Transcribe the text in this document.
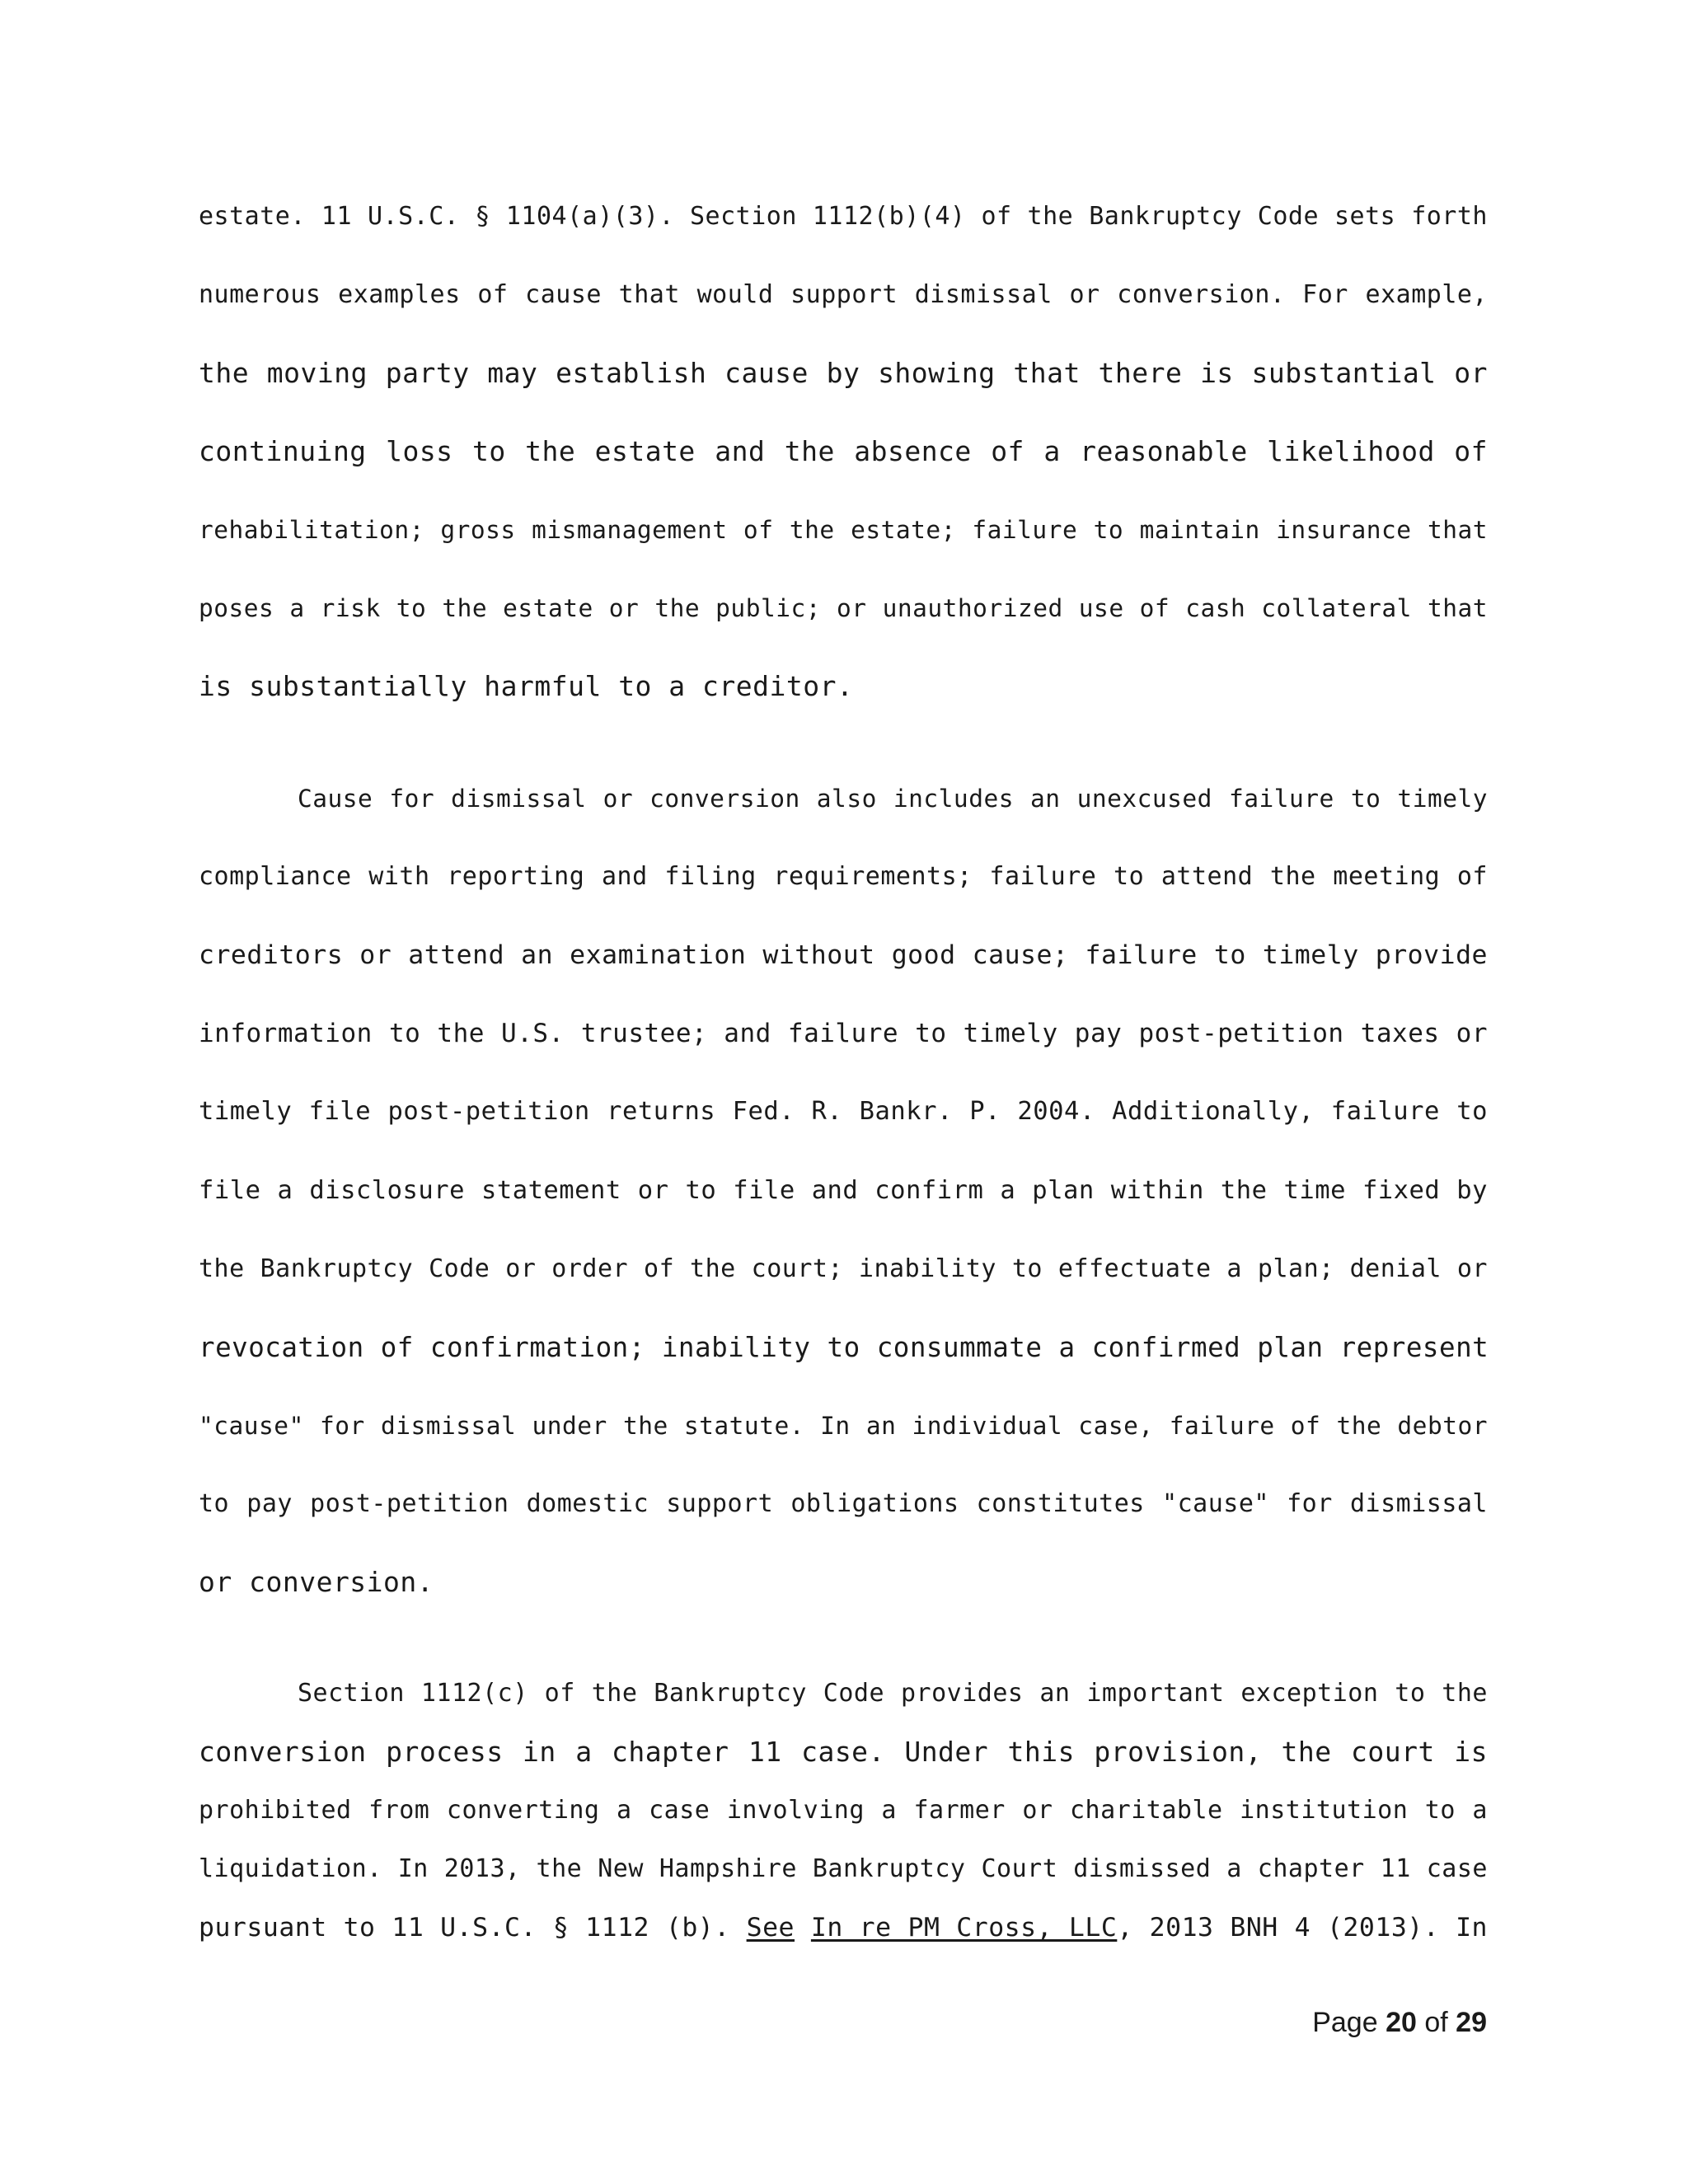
estate. 11 U.S.C. § 1104(a)(3). Section 1112(b)(4) of the Bankruptcy Code sets forth
numerous examples of cause that would support dismissal or conversion. For example,
the moving party may establish cause by showing that there is substantial or
continuing loss to the estate and the absence of a reasonable likelihood of
rehabilitation; gross mismanagement of the estate; failure to maintain insurance that
poses a risk to the estate or the public; or unauthorized use of cash collateral that
is substantially harmful to a creditor.
Cause for dismissal or conversion also includes an unexcused failure to timely
compliance with reporting and filing requirements; failure to attend the meeting of
creditors or attend an examination without good cause; failure to timely provide
information to the U.S. trustee; and failure to timely pay post-petition taxes or
timely file post-petition returns Fed. R. Bankr. P. 2004. Additionally, failure to
file a disclosure statement or to file and confirm a plan within the time fixed by
the Bankruptcy Code or order of the court; inability to effectuate a plan; denial or
revocation of confirmation; inability to consummate a confirmed plan represent
"cause" for dismissal under the statute. In an individual case, failure of the debtor
to pay post-petition domestic support obligations constitutes "cause" for dismissal
or conversion.
Section 1112(c) of the Bankruptcy Code provides an important exception to the
conversion process in a chapter 11 case. Under this provision, the court is
prohibited from converting a case involving a farmer or charitable institution to a
liquidation. In 2013, the New Hampshire Bankruptcy Court dismissed a chapter 11 case
pursuant to 11 U.S.C. § 1112 (b). See In re PM Cross, LLC, 2013 BNH 4 (2013). In
Page 20 of 29
